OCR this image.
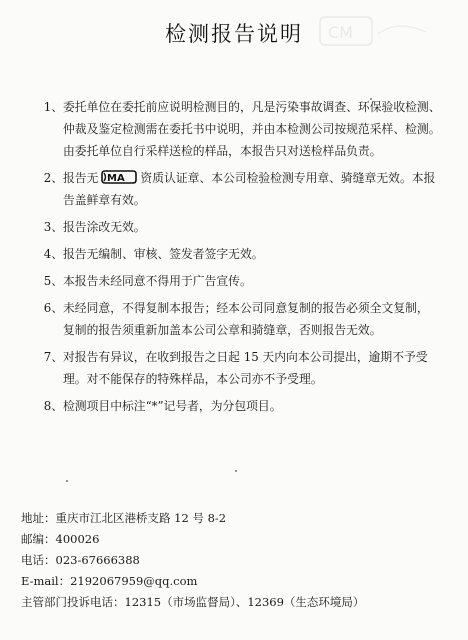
CM
检测报告说明
1、 委托单位在委托前应说明检测目的，凡是污染事故调查、环保验收检测、
仲裁及鉴定检测需在委托书中说明，并由本检测公司按规范采样、检测。
由委托单位自行采样送检的样品，本报告只对送检样品负责。
2、 报告无 MA 资质认证章、本公司检验检测专用章、骑缝章无效。本报
告盖鲜章有效。
3、 报告涂改无效。
4、 报告无编制、审核、签发者签字无效。
5、 本报告未经同意不得用于广告宣传。
6、 未经同意，不得复制本报告；经本公司同意复制的报告必须全文复制，
复制的报告须重新加盖本公司公章和骑缝章，否则报告无效。
7、 对报告有异议，在收到报告之日起 15 天内向本公司提出，逾期不予受
理。对不能保存的特殊样品，本公司亦不予受理。
8、 检测项目中标注“*”记号者，为分包项目。
地址：重庆市江北区港桥支路 12 号 8-2
邮编：400026
电话：023-67666388
E-mail：2192067959@qq.com
主管部门投诉电话：12315（市场监督局）、12369（生态环境局）
